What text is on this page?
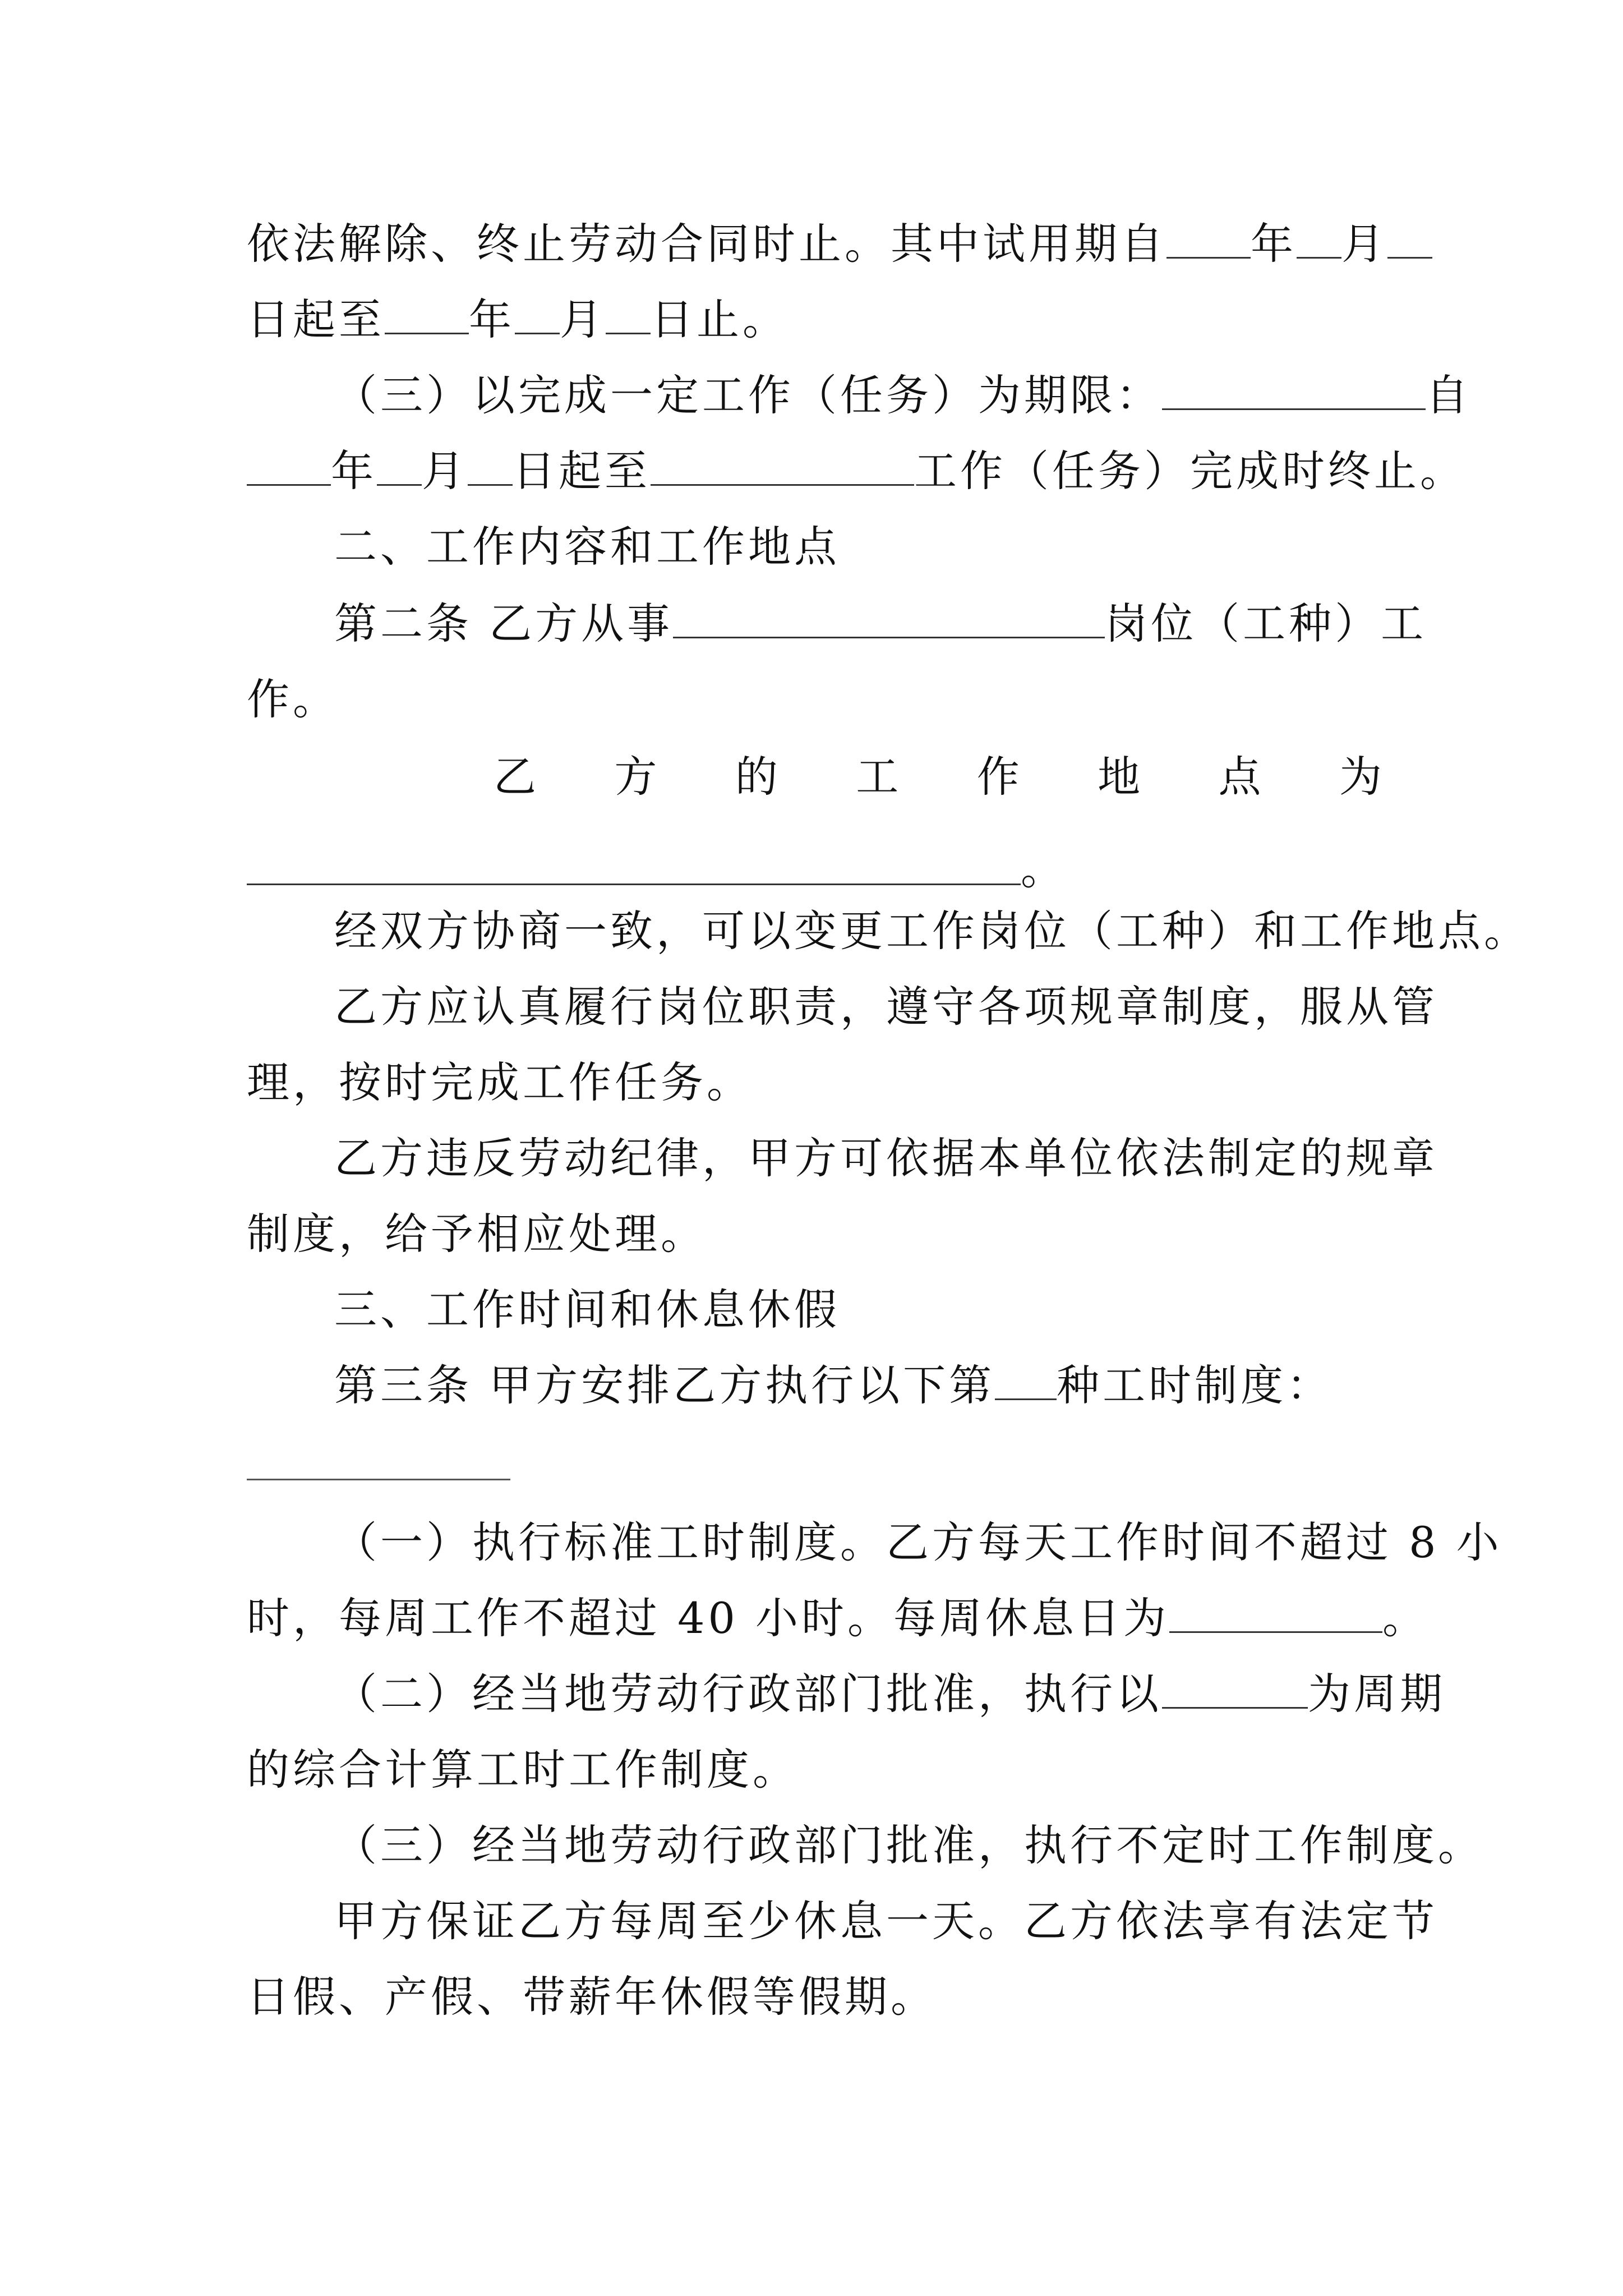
依法解除、终止劳动合同时止。其中试用期自 年 月
日起至 年 月 日止。
（三）以完成一定工作（任务）为期限：	自
年 月 日起至	工作（任务）完成时终止。
二、工作内容和工作地点
第二条 乙方从事	岗位（工种）工
作。
乙 方 的 工 作 地 点 为
。
经双方协商一致，可以变更工作岗位（工种）和工作地点。
乙方应认真履行岗位职责，遵守各项规章制度，服从管
理，按时完成工作任务。
乙方违反劳动纪律，甲方可依据本单位依法制定的规章
制度，给予相应处理。
三、工作时间和休息休假
第三条 甲方安排乙方执行以下第 种工时制度：
（一）执行标准工时制度。乙方每天工作时间不超过 8 小
时，每周工作不超过 40 小时。每周休息日为	。
（二）经当地劳动行政部门批准，执行以	为周期
的综合计算工时工作制度。
（三）经当地劳动行政部门批准，执行不定时工作制度。
甲方保证乙方每周至少休息一天。乙方依法享有法定节
日假、产假、带薪年休假等假期。
